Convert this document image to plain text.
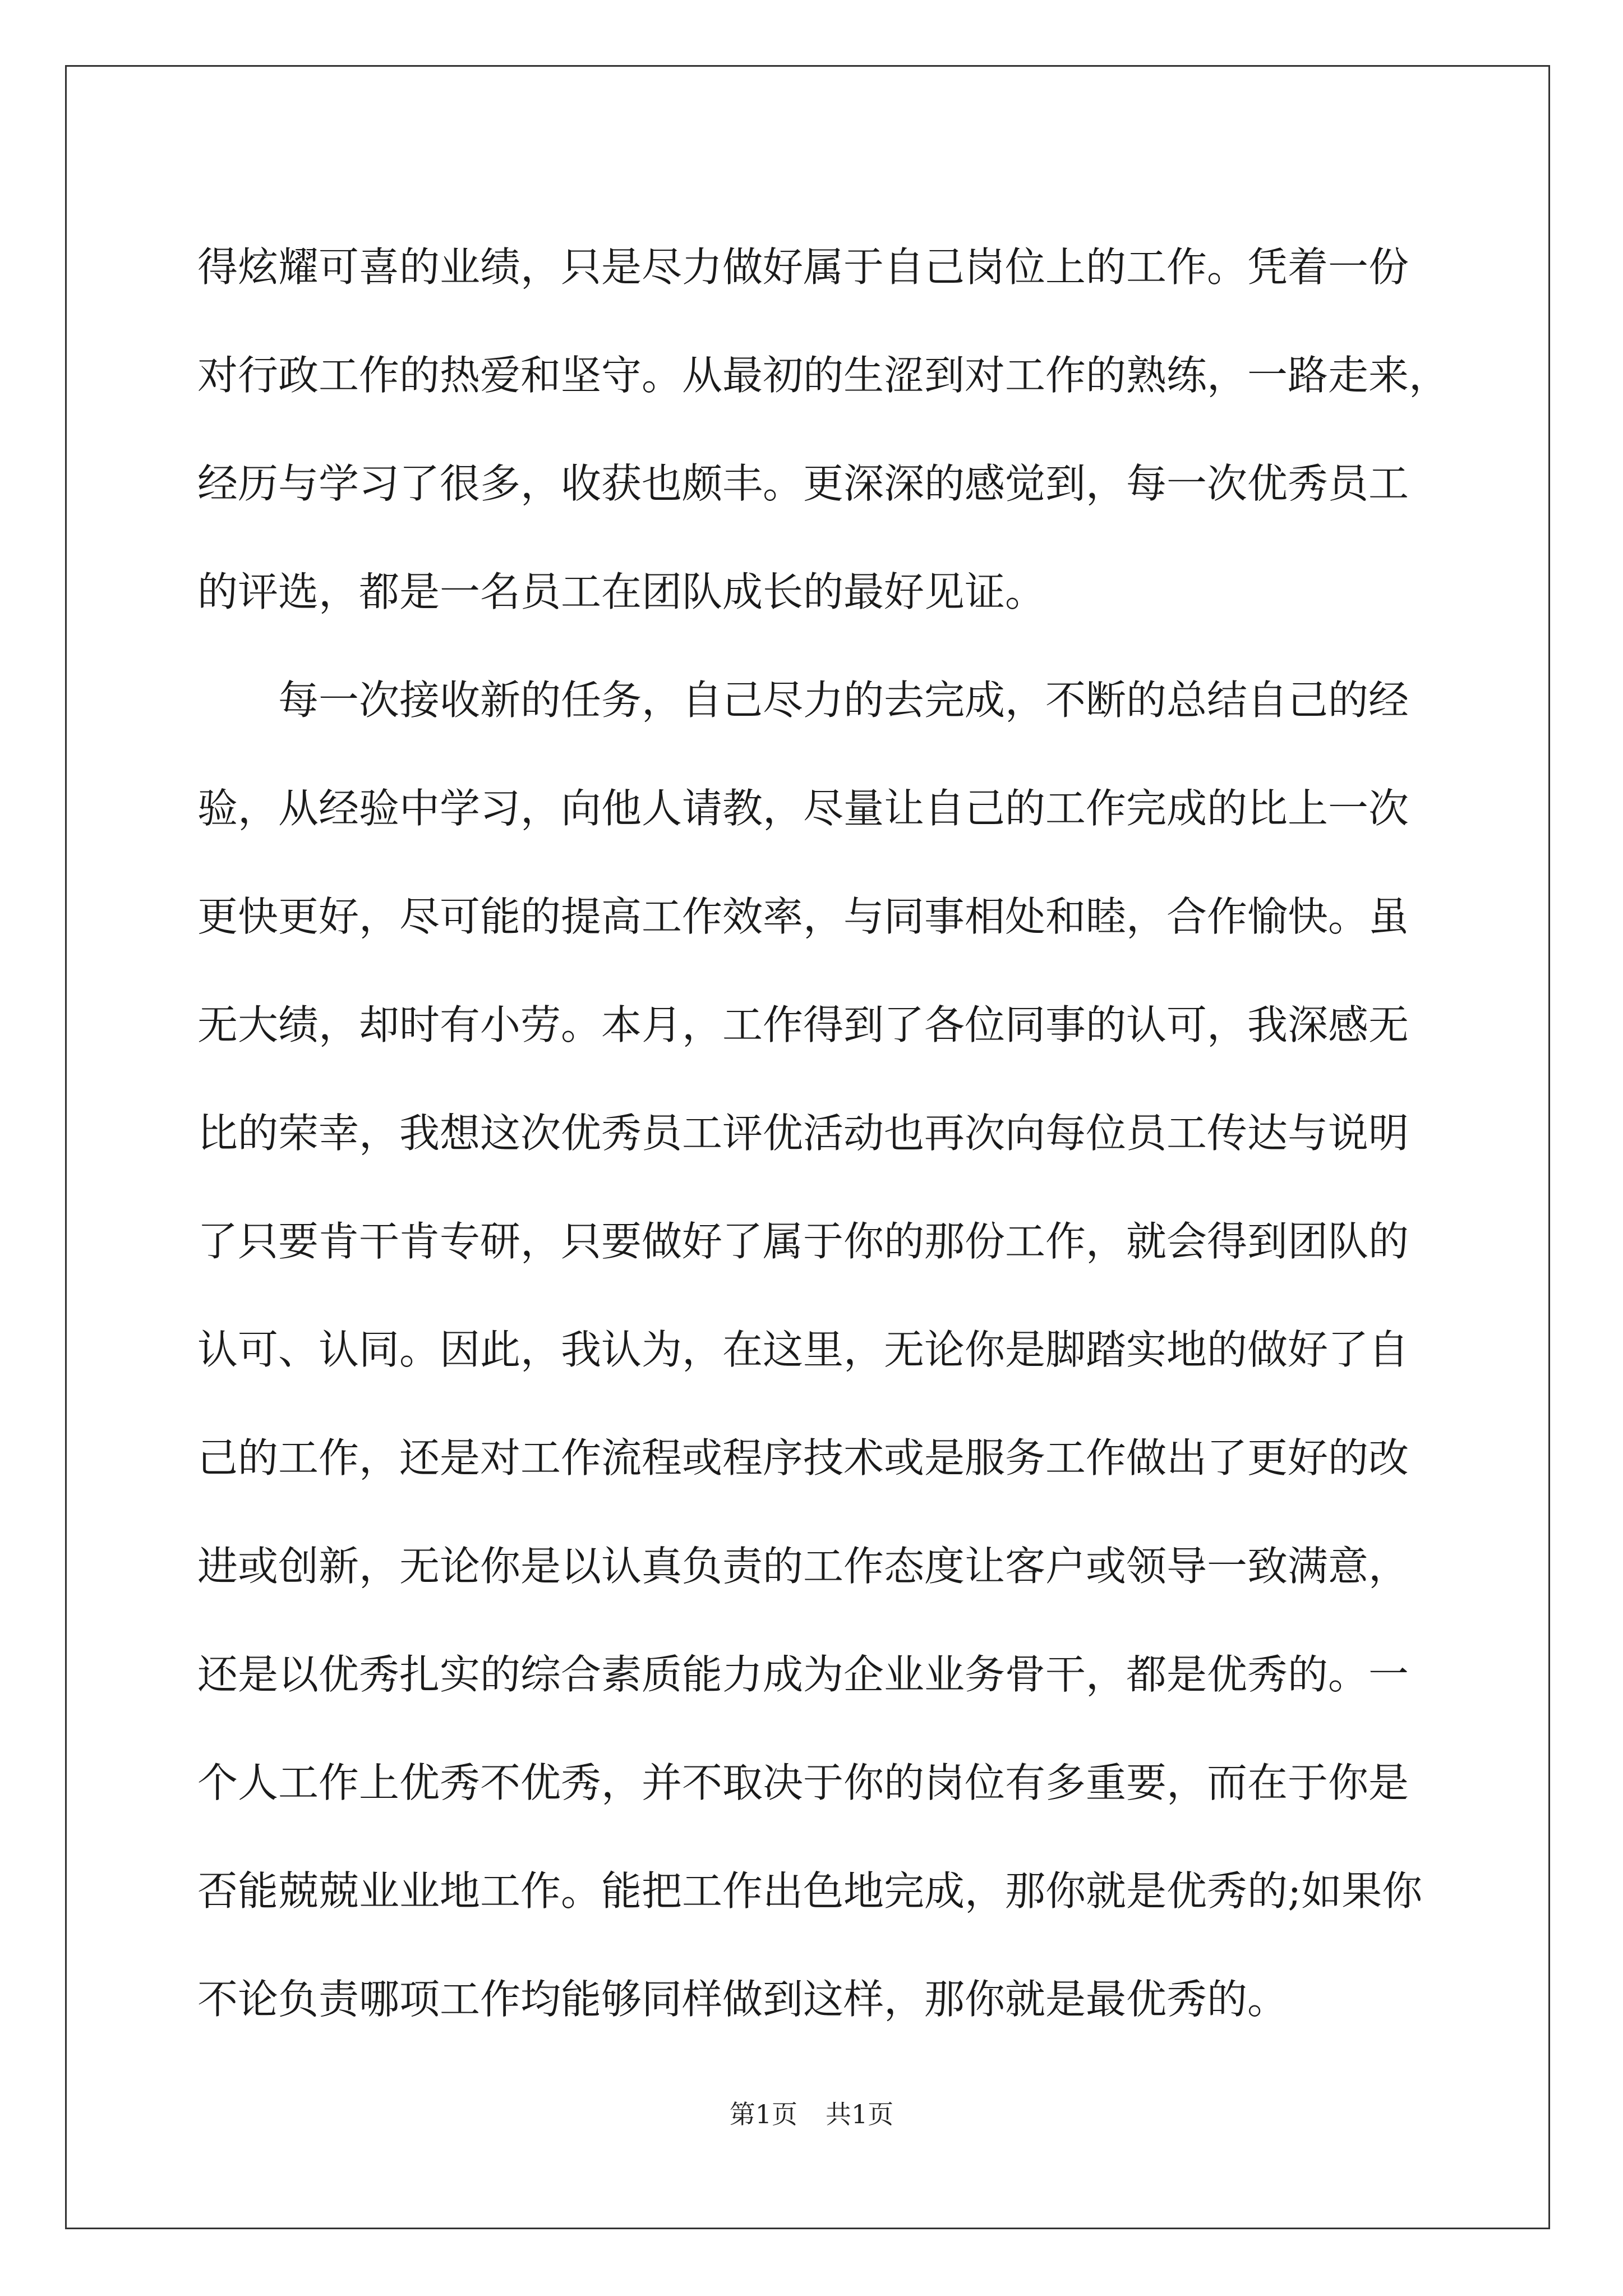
得炫耀可喜的业绩，只是尽力做好属于自己岗位上的工作。凭着一份
对行政工作的热爱和坚守。从最初的生涩到对工作的熟练，一路走来，
经历与学习了很多，收获也颇丰。更深深的感觉到，每一次优秀员工
的评选，都是一名员工在团队成长的最好见证。
　　每一次接收新的任务，自己尽力的去完成，不断的总结自己的经
验，从经验中学习，向他人请教，尽量让自己的工作完成的比上一次
更快更好，尽可能的提高工作效率，与同事相处和睦，合作愉快。虽
无大绩，却时有小劳。本月，工作得到了各位同事的认可，我深感无
比的荣幸，我想这次优秀员工评优活动也再次向每位员工传达与说明
了只要肯干肯专研，只要做好了属于你的那份工作，就会得到团队的
认可、认同。因此，我认为，在这里，无论你是脚踏实地的做好了自
己的工作，还是对工作流程或程序技术或是服务工作做出了更好的改
进或创新，无论你是以认真负责的工作态度让客户或领导一致满意，
还是以优秀扎实的综合素质能力成为企业业务骨干，都是优秀的。一
个人工作上优秀不优秀，并不取决于你的岗位有多重要，而在于你是
否能兢兢业业地工作。能把工作出色地完成，那你就是优秀的;如果你
不论负责哪项工作均能够同样做到这样，那你就是最优秀的。
第1页 共1页
